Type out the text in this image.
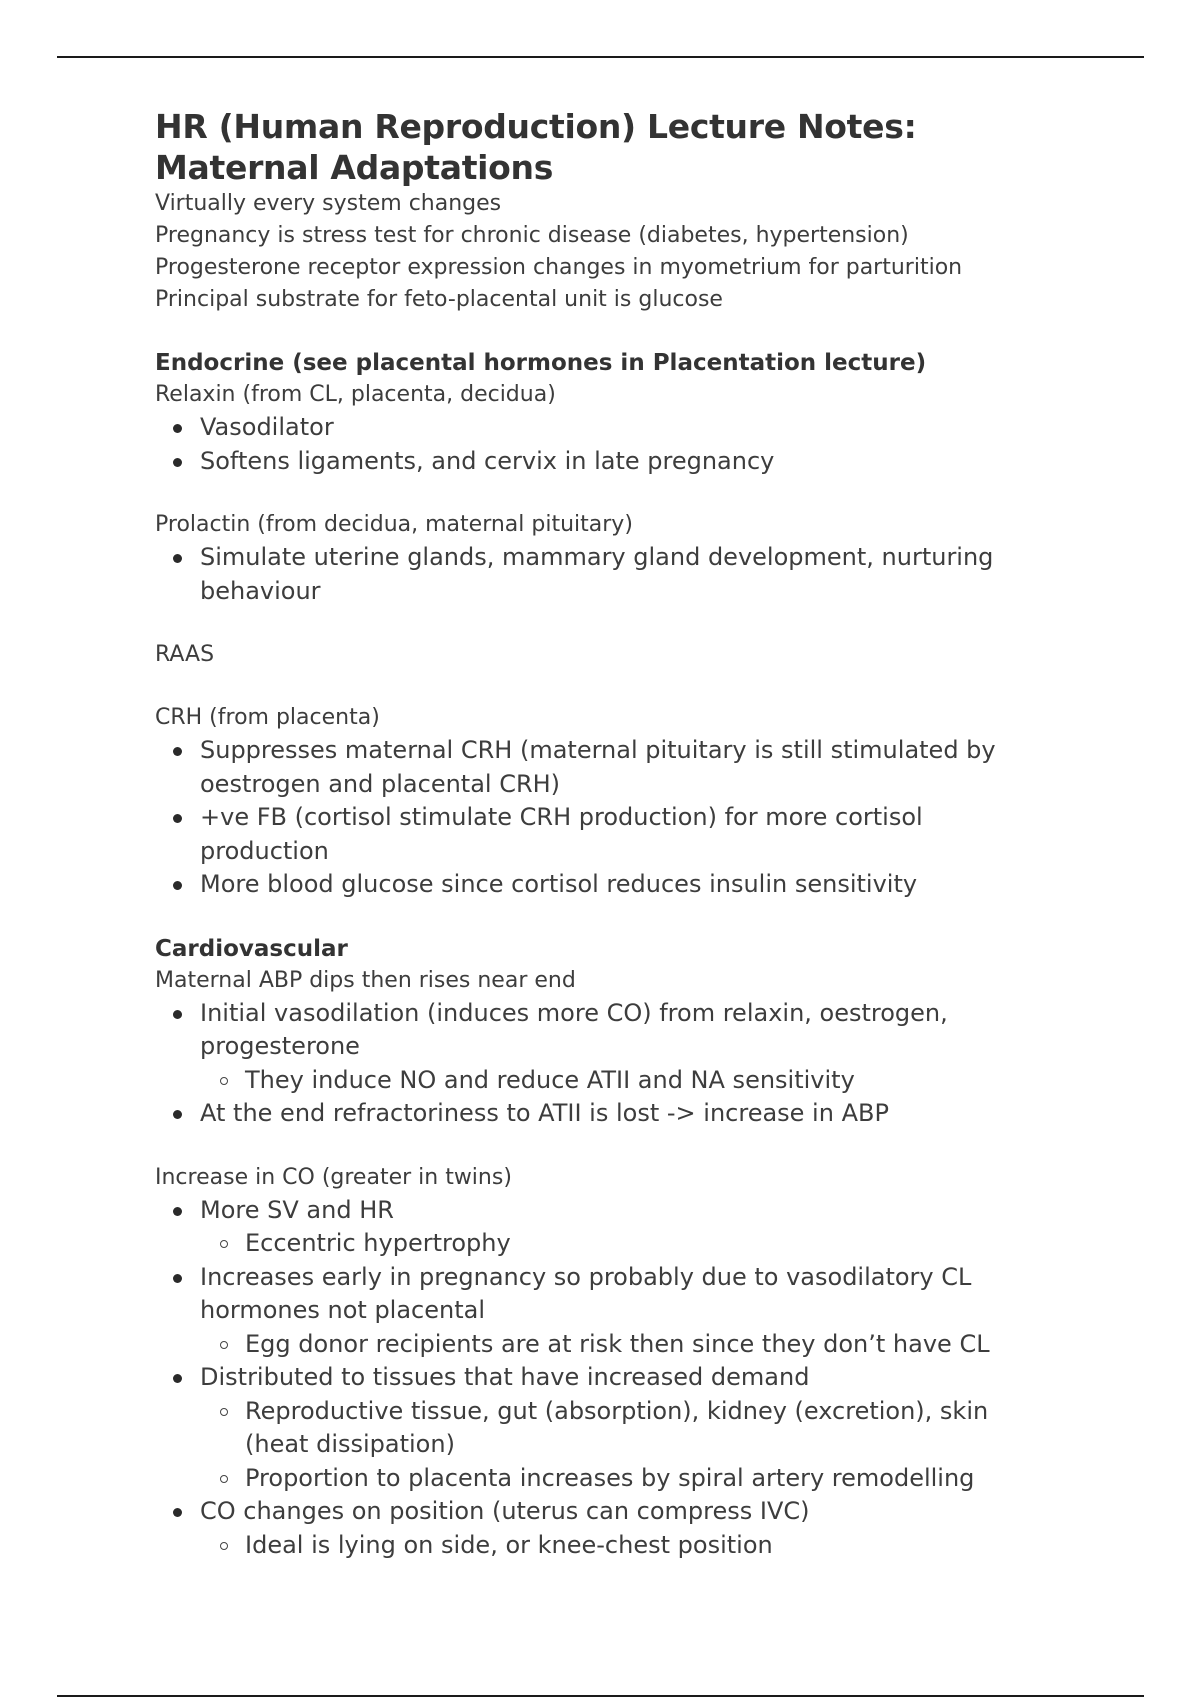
HR (Human Reproduction) Lecture Notes: Maternal Adaptations

Virtually every system changes

Pregnancy is stress test for chronic disease (diabetes, hypertension)

Progesterone receptor expression changes in myometrium for parturition

Principal substrate for feto-placental unit is glucose

Endocrine (see placental hormones in Placentation lecture)

Relaxin (from CL, placenta, decidua)

Vasodilator
Softens ligaments, and cervix in late pregnancy

Prolactin (from decidua, maternal pituitary)

Simulate uterine glands, mammary gland development, nurturing behaviour

RAAS

CRH (from placenta)

Suppresses maternal CRH (maternal pituitary is still stimulated by oestrogen and placental CRH)
+ve FB (cortisol stimulate CRH production) for more cortisol production
More blood glucose since cortisol reduces insulin sensitivity
Cardiovascular

Maternal ABP dips then rises near end

Initial vasodilation (induces more CO) from relaxin, oestrogen, progesterone
They induce NO and reduce ATII and NA sensitivity
At the end refractoriness to ATII is lost -> increase in ABP

Increase in CO (greater in twins)

More SV and HR
Eccentric hypertrophy
Increases early in pregnancy so probably due to vasodilatory CL hormones not placental
Egg donor recipients are at risk then since they don’t have CL
Distributed to tissues that have increased demand
Reproductive tissue, gut (absorption), kidney (excretion), skin (heat dissipation)
Proportion to placenta increases by spiral artery remodelling
CO changes on position (uterus can compress IVC)
Ideal is lying on side, or knee-chest position
